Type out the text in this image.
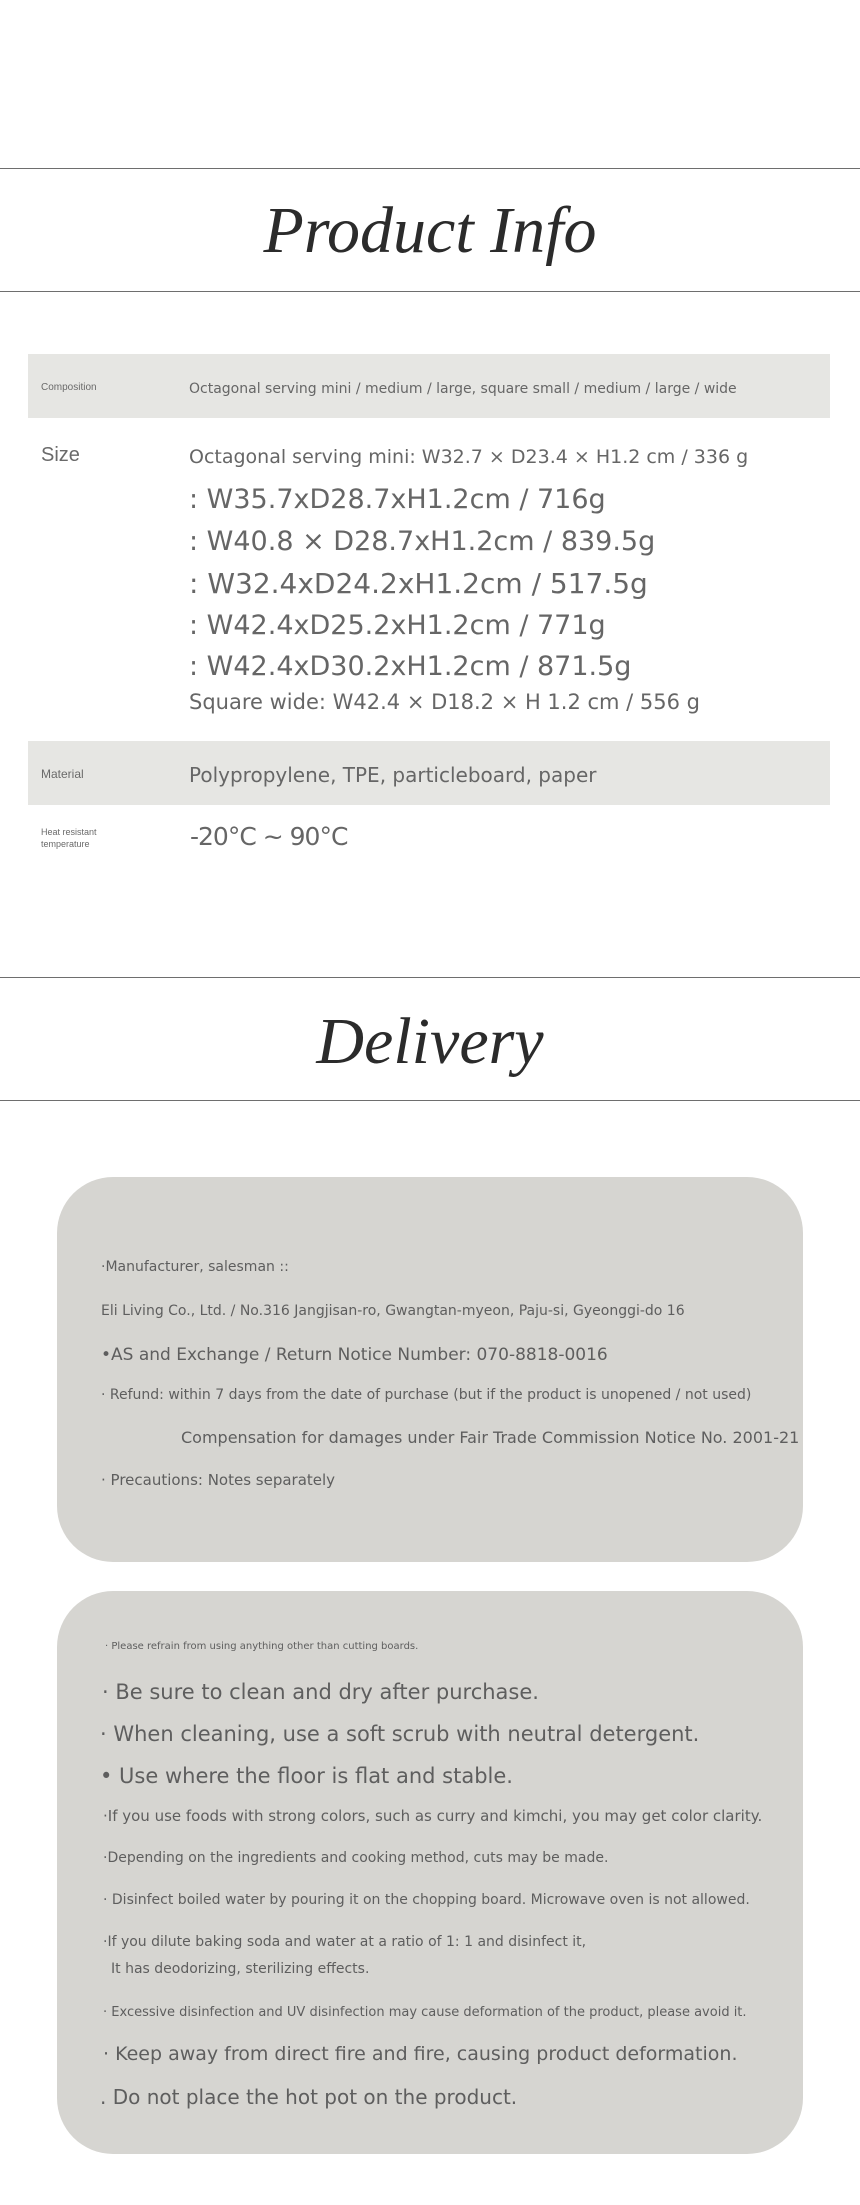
Product Info
Composition	Octagonal serving mini / medium / large, square small / medium / large / wide
Size	Octagonal serving mini: W32.7 × D23.4 × H1.2 cm / 336 g
: W35.7xD28.7xH1.2cm / 716g
: W40.8 × D28.7xH1.2cm / 839.5g
: W32.4xD24.2xH1.2cm / 517.5g
: W42.4xD25.2xH1.2cm / 771g
: W42.4xD30.2xH1.2cm / 871.5g
Square wide: W42.4 × D18.2 × H 1.2 cm / 556 g
Material	Polypropylene, TPE, particleboard, paper
Heat resistant
temperature	-20°C ~ 90°C
Delivery
·Manufacturer, salesman ::
Eli Living Co., Ltd. / No.316 Jangjisan-ro, Gwangtan-myeon, Paju-si, Gyeonggi-do 16
•AS and Exchange / Return Notice Number: 070-8818-0016
· Refund: within 7 days from the date of purchase (but if the product is unopened / not used)
Compensation for damages under Fair Trade Commission Notice No. 2001-21
· Precautions: Notes separately
· Please refrain from using anything other than cutting boards.
· Be sure to clean and dry after purchase.
· When cleaning, use a soft scrub with neutral detergent.
• Use where the floor is flat and stable.
·If you use foods with strong colors, such as curry and kimchi, you may get color clarity.
·Depending on the ingredients and cooking method, cuts may be made.
· Disinfect boiled water by pouring it on the chopping board. Microwave oven is not allowed.
·If you dilute baking soda and water at a ratio of 1: 1 and disinfect it,
It has deodorizing, sterilizing effects.
· Excessive disinfection and UV disinfection may cause deformation of the product, please avoid it.
· Keep away from direct fire and fire, causing product deformation.
. Do not place the hot pot on the product.
